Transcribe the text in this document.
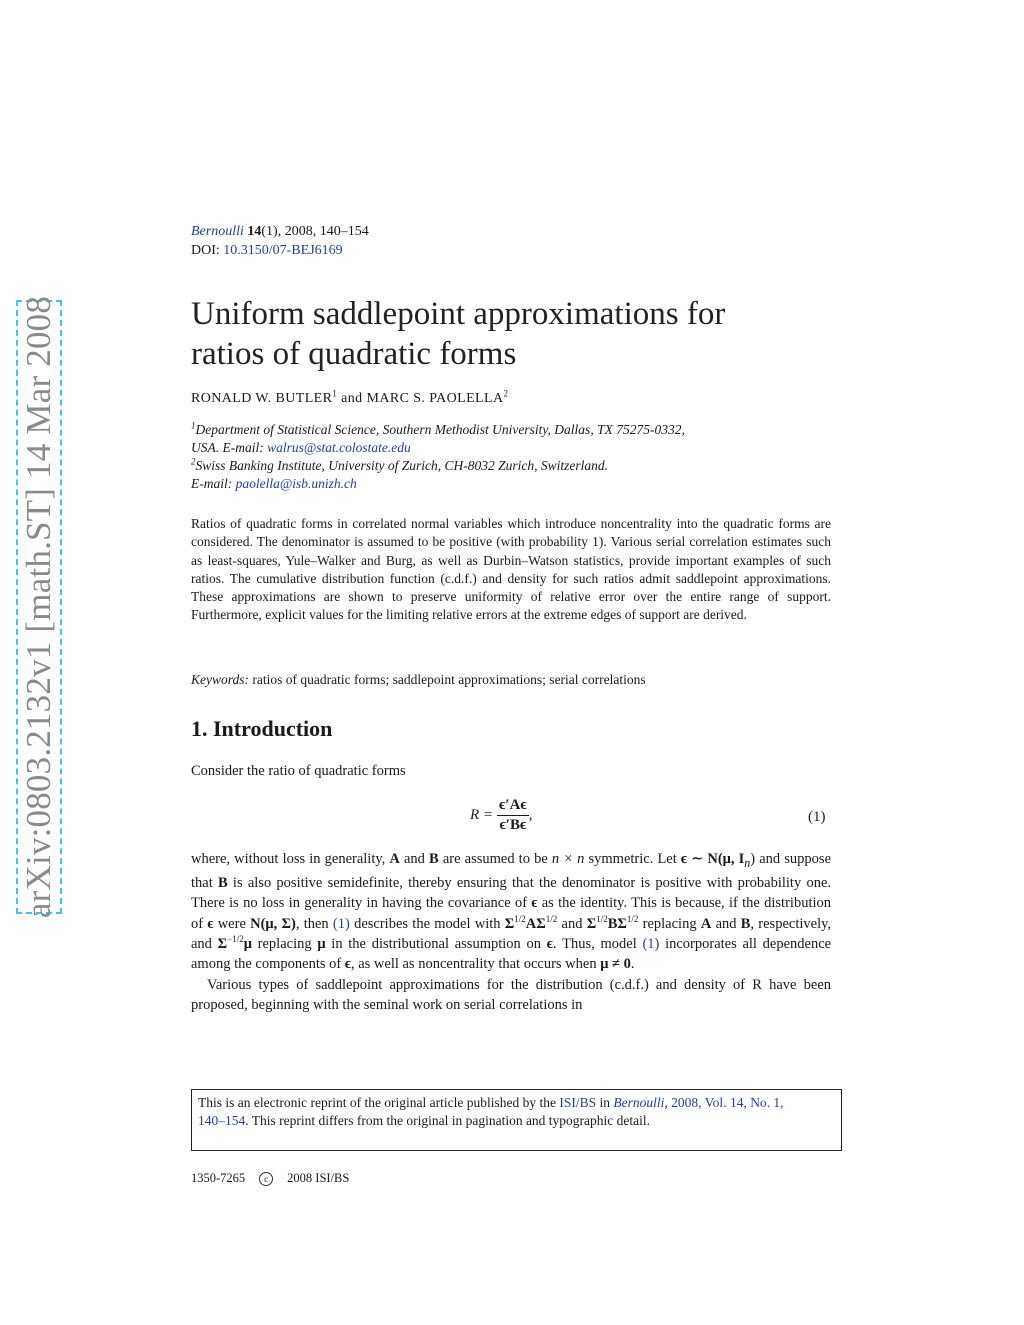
arXiv:0803.2132v1 [math.ST] 14 Mar 2008
Bernoulli 14(1), 2008, 140–154
DOI: 10.3150/07-BEJ6169
Uniform saddlepoint approximations for
ratios of quadratic forms
RONALD W. BUTLER$^1$ and MARC S. PAOLELLA$^2$
$^1$Department of Statistical Science, Southern Methodist University, Dallas, TX 75275-0332,
USA. E-mail: walrus@stat.colostate.edu
$^2$Swiss Banking Institute, University of Zurich, CH-8032 Zurich, Switzerland.
E-mail: paolella@isb.unizh.ch
Ratios of quadratic forms in correlated normal variables which introduce noncentrality into the quadratic forms are considered. The denominator is assumed to be positive (with probability 1). Various serial correlation estimates such as least-squares, Yule–Walker and Burg, as well as Durbin–Watson statistics, provide important examples of such ratios. The cumulative distribution function (c.d.f.) and density for such ratios admit saddlepoint approximations. These approximations are shown to preserve uniformity of relative error over the entire range of support. Furthermore, explicit values for the limiting relative errors at the extreme edges of support are derived.
Keywords: ratios of quadratic forms; saddlepoint approximations; serial correlations
1. Introduction
Consider the ratio of quadratic forms
$R = \frac{\epsilon'A\epsilon}{\epsilon'B\epsilon}$ ,	(1)

where, without loss in generality, A and B are assumed to be n × n symmetric. Let ϵ ∼ N(μ, $I_n$) and suppose that B is also positive semidefinite, thereby ensuring that the denominator is positive with probability one. There is no loss in generality in having the covariance of ϵ as the identity. This is because, if the distribution of ϵ were N(μ, Σ), then (1) describes the model with $\Sigma^{1/2}A\Sigma^{1/2}$ and $\Sigma^{1/2}B\Sigma^{1/2}$ replacing A and B, respectively, and $\Sigma^{-1/2}\mu$ replacing μ in the distributional assumption on ϵ. Thus, model (1) incorporates all dependence among the components of ϵ, as well as noncentrality that occurs when μ ≠ 0.

Various types of saddlepoint approximations for the distribution (c.d.f.) and density of R have been proposed, beginning with the seminal work on serial correlations in

This is an electronic reprint of the original article published by the ISI/BS in Bernoulli, 2008, Vol. 14, No. 1, 140–154. This reprint differs from the original in pagination and typographic detail.
1350-7265 c 2008 ISI/BS
